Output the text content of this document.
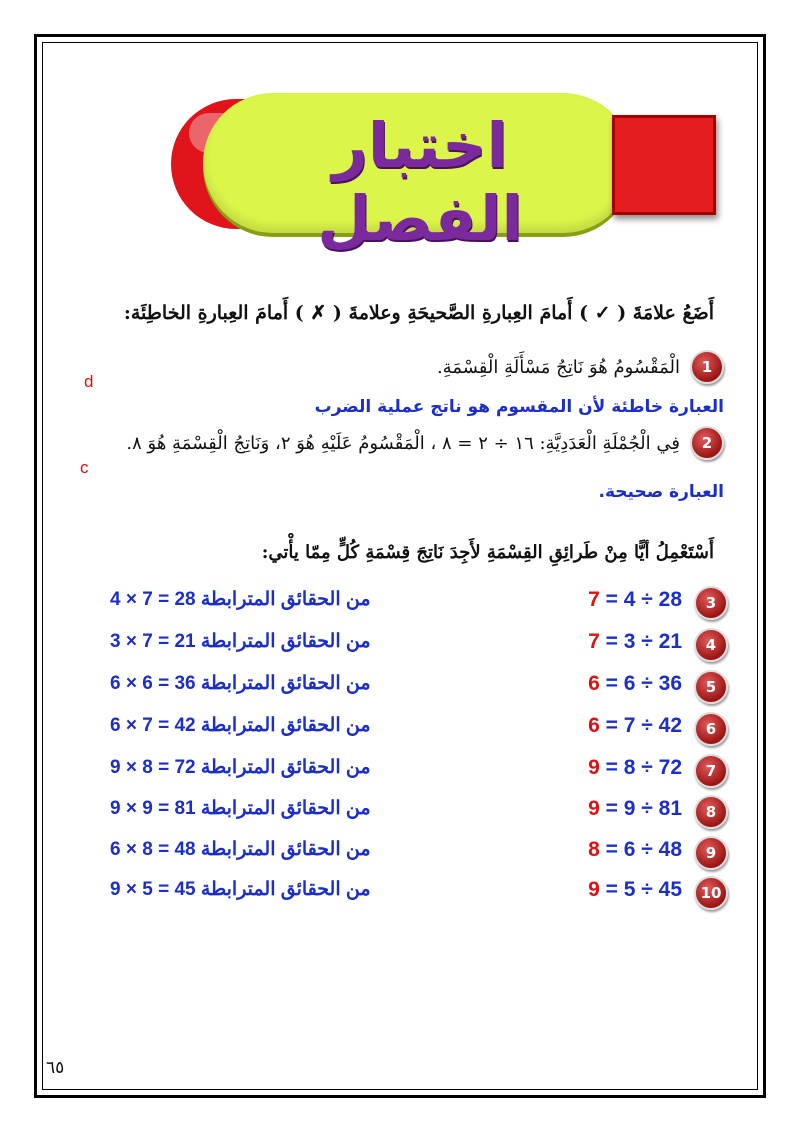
اختبار الفصل
أَضَعُ علامَةَ ( ✓ ) أَمامَ العِبارةِ الصَّحيحَةِ وعلامةَ ( ✗ ) أَمامَ العِبارةِ الخاطِئَة:
1
الْمَقْسُومُ هُوَ نَاتِجُ مَسْأَلَةِ الْقِسْمَةِ.
d
العبارة خاطئة لأن المقسوم هو ناتج عملية الضرب
2
فِي الْجُمْلَةِ الْعَدَدِيَّةِ: ١٦ ÷ ٢ = ٨ ، الْمَقْسُومُ عَلَيْهِ هُوَ ٢، وَنَاتِجُ الْقِسْمَةِ هُوَ ٨.
c
العبارة صحيحة.
أَسْتَعْمِلُ أيًّا مِنْ طَرائِقِ القِسْمَةِ لأَجِدَ نَاتِجَ قِسْمَةِ كُلٍّ مِمّا يأْتي:
3
7 = 4 ÷ 28
من الحقائق المترابطة 4 × 7 = 28
4
7 = 3 ÷ 21
من الحقائق المترابطة 3 × 7 = 21
5
6 = 6 ÷ 36
من الحقائق المترابطة 6 × 6 = 36
6
6 = 7 ÷ 42
من الحقائق المترابطة 6 × 7 = 42
7
9 = 8 ÷ 72
من الحقائق المترابطة 9 × 8 = 72
8
9 = 9 ÷ 81
من الحقائق المترابطة 9 × 9 = 81
9
8 = 6 ÷ 48
من الحقائق المترابطة 6 × 8 = 48
10
9 = 5 ÷ 45
من الحقائق المترابطة 9 × 5 = 45
٦٥
